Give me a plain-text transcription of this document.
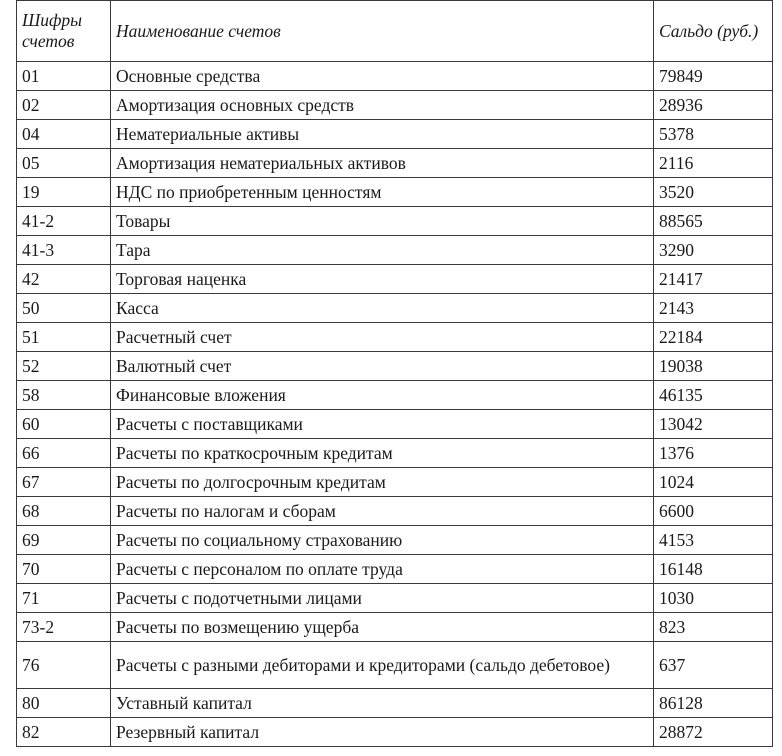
Шифры счетов	Наименование счетов	Сальдо (руб.)
01	Основные средства	79849
02	Амортизация основных средств	28936
04	Нематериальные активы	5378
05	Амортизация нематериальных активов	2116
19	НДС по приобретенным ценностям	3520
41-2	Товары	88565
41-3	Тара	3290
42	Торговая наценка	21417
50	Касса	2143
51	Расчетный счет	22184
52	Валютный счет	19038
58	Финансовые вложения	46135
60	Расчеты с поставщиками	13042
66	Расчеты по краткосрочным кредитам	1376
67	Расчеты по долгосрочным кредитам	1024
68	Расчеты по налогам и сборам	6600
69	Расчеты по социальному страхованию	4153
70	Расчеты с персоналом по оплате труда	16148
71	Расчеты с подотчетными лицами	1030
73-2	Расчеты по возмещению ущерба	823
76	Расчеты с разными дебиторами и кредиторами (сальдо дебетовое)	637
80	Уставный капитал	86128
82	Резервный капитал	28872
